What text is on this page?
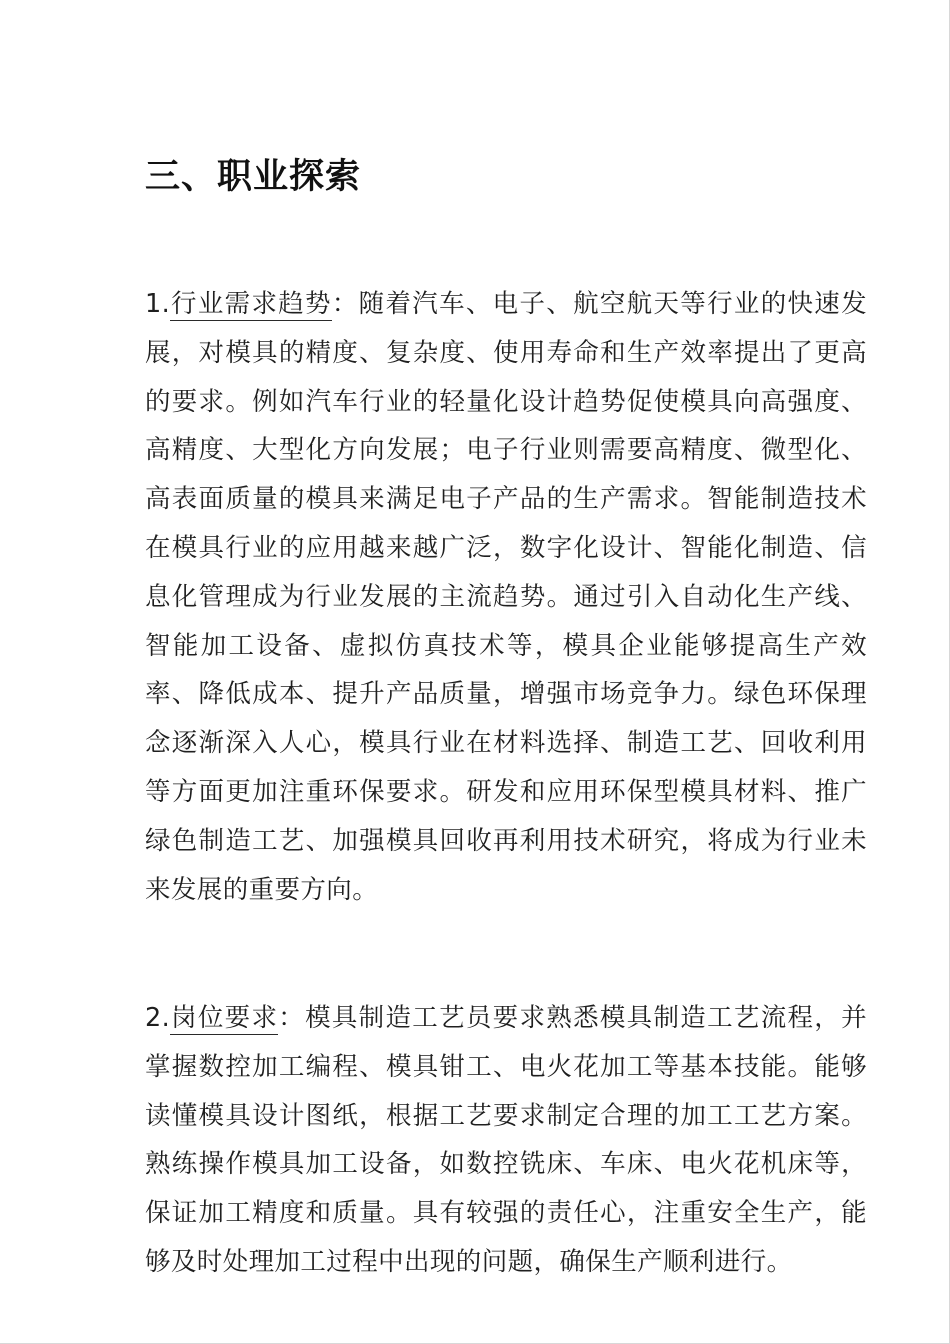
三、职业探索

1.行业需求趋势：随着汽车、电子、航空航天等行业的快速发展，对模具的精度、复杂度、使用寿命和生产效率提出了更高的要求。例如汽车行业的轻量化设计趋势促使模具向高强度、高精度、大型化方向发展；电子行业则需要高精度、微型化、高表面质量的模具来满足电子产品的生产需求。智能制造技术在模具行业的应用越来越广泛，数字化设计、智能化制造、信息化管理成为行业发展的主流趋势。通过引入自动化生产线、智能加工设备、虚拟仿真技术等，模具企业能够提高生产效率、降低成本、提升产品质量，增强市场竞争力。绿色环保理念逐渐深入人心，模具行业在材料选择、制造工艺、回收利用等方面更加注重环保要求。研发和应用环保型模具材料、推广绿色制造工艺、加强模具回收再利用技术研究，将成为行业未来发展的重要方向。

2.岗位要求：模具制造工艺员要求熟悉模具制造工艺流程，并掌握数控加工编程、模具钳工、电火花加工等基本技能。能够读懂模具设计图纸，根据工艺要求制定合理的加工工艺方案。熟练操作模具加工设备，如数控铣床、车床、电火花机床等，保证加工精度和质量。具有较强的责任心，注重安全生产，能够及时处理加工过程中出现的问题，确保生产顺利进行。
